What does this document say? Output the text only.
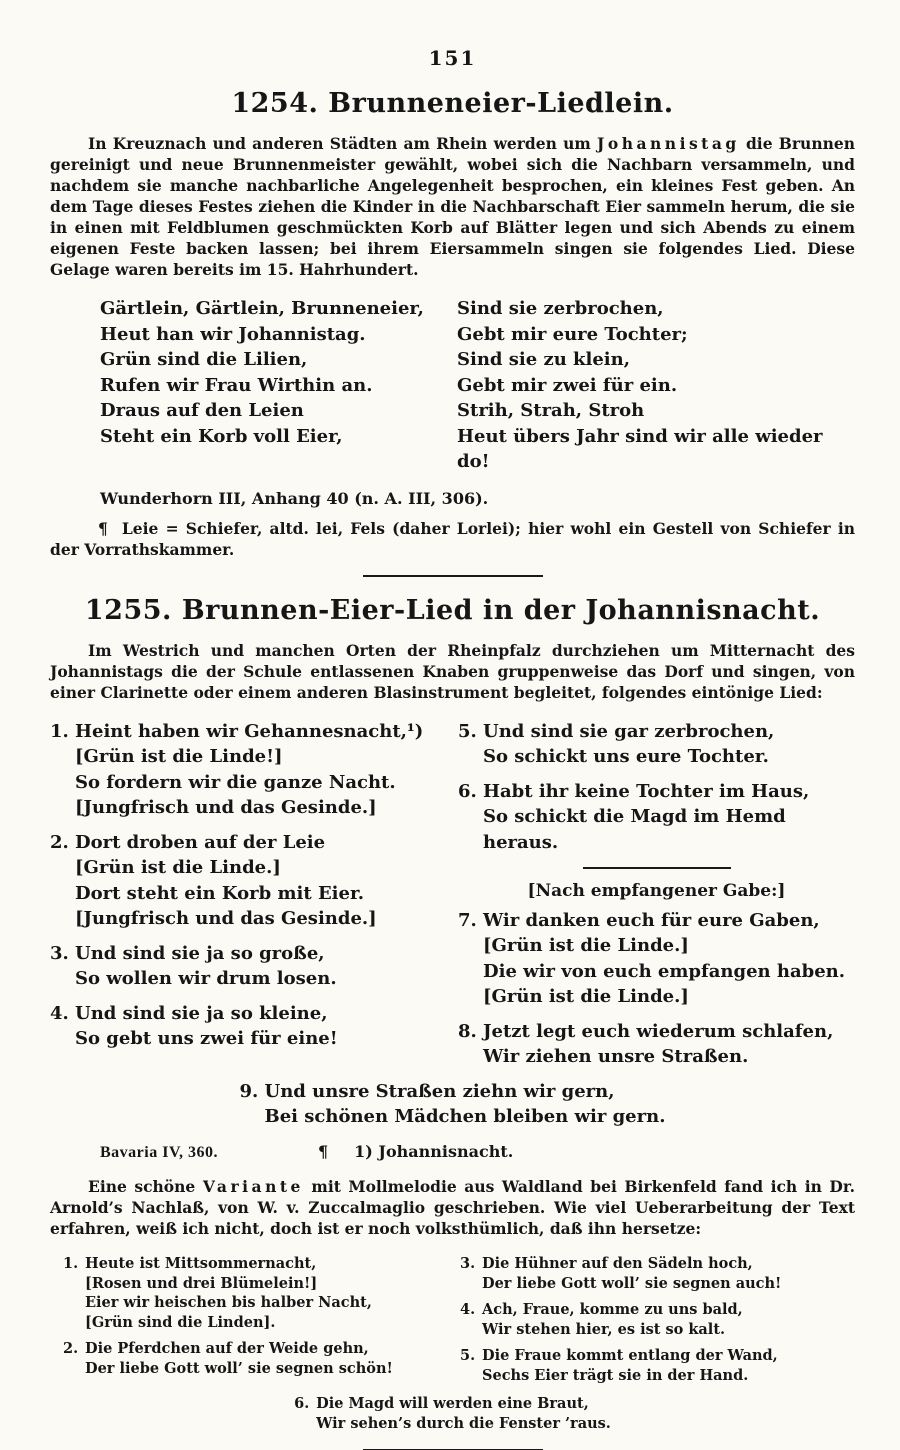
151
1254. Brunneneier-Liedlein.

In Kreuznach und anderen Städten am Rhein werden um Johannistag die Brunnen gereinigt und neue Brunnenmeister gewählt, wobei sich die Nachbarn versammeln, und nachdem sie manche nachbarliche Angelegenheit besprochen, ein kleines Fest geben. An dem Tage dieses Festes ziehen die Kinder in die Nachbarschaft Eier sammeln herum, die sie in einen mit Feldblumen geschmückten Korb auf Blätter legen und sich Abends zu einem eigenen Feste backen lassen; bei ihrem Eiersammeln singen sie folgendes Lied. Diese Gelage waren bereits im 15. Hahrhundert.

Gärtlein, Gärtlein, Brunneneier,
Heut han wir Johannistag.
Grün sind die Lilien,
Rufen wir Frau Wirthin an.
Draus auf den Leien
Steht ein Korb voll Eier,
Sind sie zerbrochen,
Gebt mir eure Tochter;
Sind sie zu klein,
Gebt mir zwei für ein.
Strih, Strah, Stroh
Heut übers Jahr sind wir alle wieder do!
Wunderhorn III, Anhang 40 (n. A. III, 306).

¶ Leie = Schiefer, altd. lei, Fels (daher Lorlei); hier wohl ein Gestell von Schiefer in der Vorrathskammer.

1255. Brunnen-Eier-Lied in der Johannisnacht.

Im Westrich und manchen Orten der Rheinpfalz durchziehen um Mitternacht des Johannistags die der Schule entlassenen Knaben gruppenweise das Dorf und singen, von einer Clarinette oder einem anderen Blasinstrument begleitet, folgendes eintönige Lied:

1. Heint haben wir Gehannesnacht,¹)
[Grün ist die Linde!]
So fordern wir die ganze Nacht.
[Jungfrisch und das Gesinde.]
2. Dort droben auf der Leie
[Grün ist die Linde.]
Dort steht ein Korb mit Eier.
[Jungfrisch und das Gesinde.]
3. Und sind sie ja so große,
So wollen wir drum losen.
4. Und sind sie ja so kleine,
So gebt uns zwei für eine!
5. Und sind sie gar zerbrochen,
So schickt uns eure Tochter.
6. Habt ihr keine Tochter im Haus,
So schickt die Magd im Hemd heraus.
[Nach empfangener Gabe:]
7. Wir danken euch für eure Gaben,
[Grün ist die Linde.]
Die wir von euch empfangen haben.
[Grün ist die Linde.]
8. Jetzt legt euch wiederum schlafen,
Wir ziehen unsre Straßen.
9. Und unsre Straßen ziehn wir gern,
Bei schönen Mädchen bleiben wir gern.
Bavaria IV, 360.	¶ 1) Johannisnacht.

Eine schöne Variante mit Mollmelodie aus Waldland bei Birkenfeld fand ich in Dr. Arnold’s Nachlaß, von W. v. Zuccalmaglio geschrieben. Wie viel Ueberarbeitung der Text erfahren, weiß ich nicht, doch ist er noch volksthümlich, daß ihn hersetze:

1. Heute ist Mittsommernacht,
[Rosen und drei Blümelein!]
Eier wir heischen bis halber Nacht,
[Grün sind die Linden].
2. Die Pferdchen auf der Weide gehn,
Der liebe Gott woll’ sie segnen schön!
3. Die Hühner auf den Sädeln hoch,
Der liebe Gott woll’ sie segnen auch!
4. Ach, Fraue, komme zu uns bald,
Wir stehen hier, es ist so kalt.
5. Die Fraue kommt entlang der Wand,
Sechs Eier trägt sie in der Hand.
6. Die Magd will werden eine Braut,
Wir sehen’s durch die Fenster ’raus.
